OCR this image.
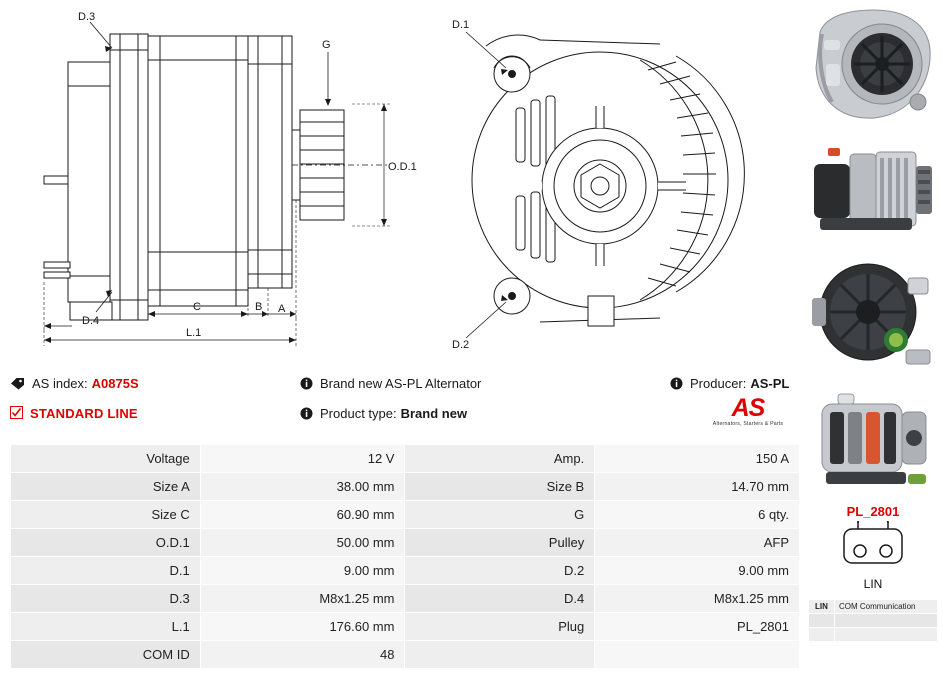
D.3
G
O.D.1
D.4
C	B A
L.1
D.1
D.2
AS index: A0875S	Brand new AS-PL Alternator	Producer: AS-PL
STANDARD LINE	Product type: Brand new	AS
Alternators, Starters & Parts
Voltage	12 V	Amp.	150 A
Size A	38.00 mm	Size B	14.70 mm
Size C	60.90 mm	G	6 qty.
O.D.1	50.00 mm	Pulley	AFP
D.1	9.00 mm	D.2	9.00 mm
D.3	M8x1.25 mm	D.4	M8x1.25 mm
L.1	176.60 mm	Plug	PL_2801
COM ID	48		
PL_2801
LIN
LIN	COM Communication
